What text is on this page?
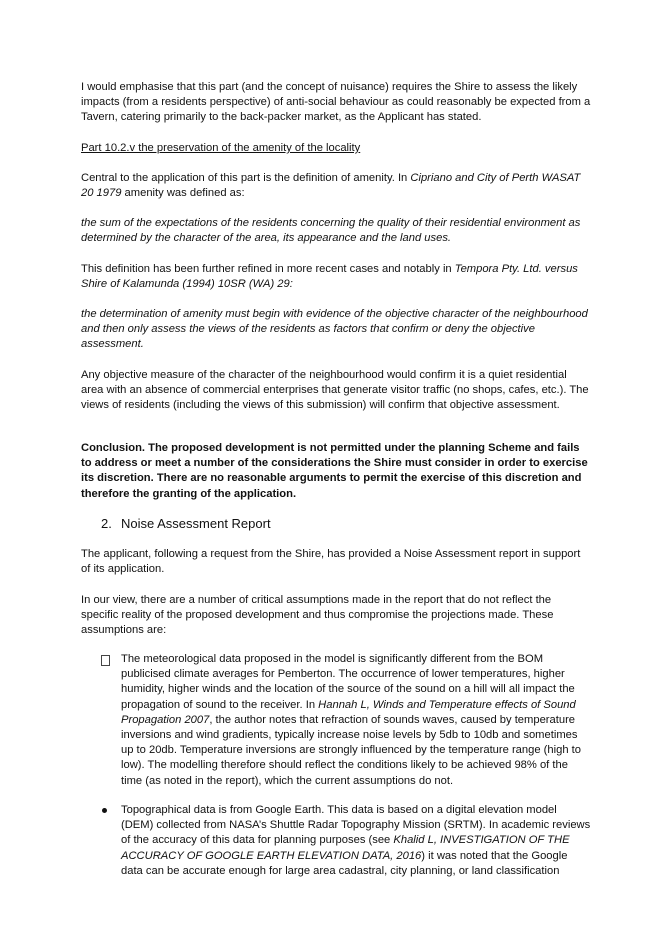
I would emphasise that this part (and the concept of nuisance) requires the Shire to assess the likely impacts (from a residents perspective) of anti-social behaviour as could reasonably be expected from a Tavern, catering primarily to the back-packer market, as the Applicant has stated.
Part 10.2.v the preservation of the amenity of the locality
Central to the application of this part is the definition of amenity. In Cipriano and City of Perth WASAT 20 1979 amenity was defined as:
the sum of the expectations of the residents concerning the quality of their residential environment as determined by the character of the area, its appearance and the land uses.
This definition has been further refined in more recent cases and notably in Tempora Pty. Ltd. versus Shire of Kalamunda (1994) 10SR (WA) 29:
the determination of amenity must begin with evidence of the objective character of the neighbourhood and then only assess the views of the residents as factors that confirm or deny the objective assessment.
Any objective measure of the character of the neighbourhood would confirm it is a quiet residential area with an absence of commercial enterprises that generate visitor traffic (no shops, cafes, etc.). The views of residents (including the views of this submission) will confirm that objective assessment.
Conclusion. The proposed development is not permitted under the planning Scheme and fails to address or meet a number of the considerations the Shire must consider in order to exercise its discretion. There are no reasonable arguments to permit the exercise of this discretion and therefore the granting of the application.
2. Noise Assessment Report
The applicant, following a request from the Shire, has provided a Noise Assessment report in support of its application.
In our view, there are a number of critical assumptions made in the report that do not reflect the specific reality of the proposed development and thus compromise the projections made. These assumptions are:
The meteorological data proposed in the model is significantly different from the BOM publicised climate averages for Pemberton. The occurrence of lower temperatures, higher humidity, higher winds and the location of the source of the sound on a hill will all impact the propagation of sound to the receiver. In Hannah L, Winds and Temperature effects of Sound Propagation 2007, the author notes that refraction of sounds waves, caused by temperature inversions and wind gradients, typically increase noise levels by 5db to 10db and sometimes up to 20db. Temperature inversions are strongly influenced by the temperature range (high to low). The modelling therefore should reflect the conditions likely to be achieved 98% of the time (as noted in the report), which the current assumptions do not.
Topographical data is from Google Earth. This data is based on a digital elevation model (DEM) collected from NASA’s Shuttle Radar Topography Mission (SRTM). In academic reviews of the accuracy of this data for planning purposes (see Khalid L, INVESTIGATION OF THE ACCURACY OF GOOGLE EARTH ELEVATION DATA, 2016) it was noted that the Google data can be accurate enough for large area cadastral, city planning, or land classification
